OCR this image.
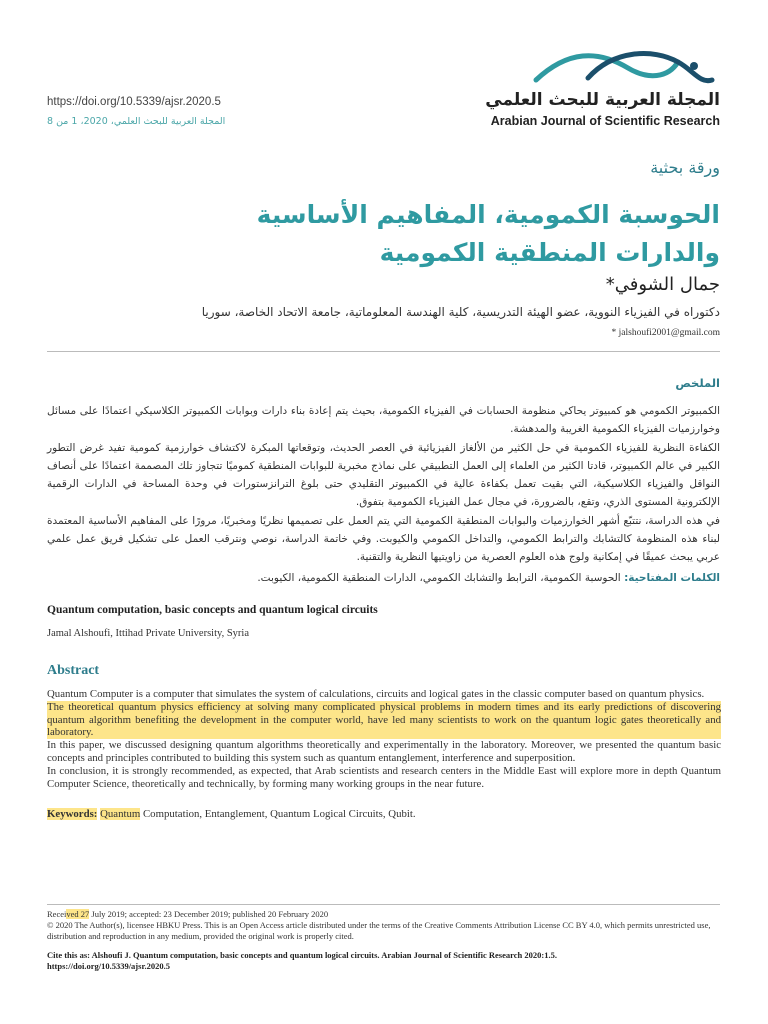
https://doi.org/10.5339/ajsr.2020.5
المجلة العربية للبحث العلمي، 2020، 1 من 8
المجلة العربية للبحث العلمي
Arabian Journal of Scientific Research
ورقة بحثية
الحوسبة الكمومية، المفاهيم الأساسية والدارات المنطقية الكمومية
جمال الشوفي*
دكتوراه في الفيزياء النووية، عضو الهيئة التدريسية، كلية الهندسة المعلوماتية، جامعة الاتحاد الخاصة، سوريا
* jalshoufi2001@gmail.com
الملخص

الكمبيوتر الكمومي هو كمبيوتر يحاكي منظومة الحسابات في الفيزياء الكمومية، بحيث يتم إعادة بناء دارات وبوابات الكمبيوتر الكلاسيكي اعتمادًا على مسائل وخوارزميات الفيزياء الكمومية الغريبة والمدهشة.

الكفاءة النظرية للفيزياء الكمومية في حل الكثير من الألغاز الفيزيائية في العصر الحديث، وتوقعاتها المبكرة لاكتشاف خوارزمية كمومية تفيد غرض التطور الكبير في عالم الكمبيوتر، قادتا الكثير من العلماء إلى العمل التطبيقي على نماذج مخبرية للبوابات المنطقية كموميًا تتجاوز تلك المصممة اعتمادًا على أنصاف النواقل والفيزياء الكلاسيكية، التي بقيت تعمل بكفاءة عالية في الكمبيوتر التقليدي حتى بلوغ الترانزستورات في وحدة المساحة في الدارات الرقمية الإلكترونية المستوى الذري، وتقع، بالضرورة، في مجال عمل الفيزياء الكمومية بتفوق.

في هذه الدراسة، نتتبّع أشهر الخوارزميات والبوابات المنطقية الكمومية التي يتم العمل على تصميمها نظريًا ومخبريًا، مرورًا على المفاهيم الأساسية المعتمدة لبناء هذه المنظومة كالتشابك والترابط الكمومي، والتداخل الكمومي والكيوبت. وفي خاتمة الدراسة، نوصي ونترقب العمل على تشكيل فريق عمل علمي عربي يبحث عميقًا في إمكانية ولوج هذه العلوم العصرية من زاويتيها النظرية والتقنية.

الكلمات المفتاحية: الحوسبة الكمومية، الترابط والتشابك الكمومي، الدارات المنطقية الكمومية، الكيوبت.
Quantum computation, basic concepts and quantum logical circuits
Jamal Alshoufi, Ittihad Private University, Syria
Abstract

Quantum Computer is a computer that simulates the system of calculations, circuits and logical gates in the classic computer based on quantum physics.

The theoretical quantum physics efficiency at solving many complicated physical problems in modern times and its early predictions of discovering quantum algorithm benefiting the development in the computer world, have led many scientists to work on the quantum logic gates theoretically and laboratory.

In this paper, we discussed designing quantum algorithms theoretically and experimentally in the laboratory. Moreover, we presented the quantum basic concepts and principles contributed to building this system such as quantum entanglement, interference and superposition.

In conclusion, it is strongly recommended, as expected, that Arab scientists and research centers in the Middle East will explore more in depth Quantum Computer Science, theoretically and technically, by forming many working groups in the near future.

Keywords: Quantum Computation, Entanglement, Quantum Logical Circuits, Qubit.

Received 27 July 2019; accepted: 23 December 2019; published 20 February 2020

© 2020 The Author(s), licensee HBKU Press. This is an Open Access article distributed under the terms of the Creative Comments Attribution License CC BY 4.0, which permits unrestricted use, distribution and reproduction in any medium, provided the original work is properly cited.

Cite this as: Alshoufi J. Quantum computation, basic concepts and quantum logical circuits. Arabian Journal of Scientific Research 2020:1.5.

https://doi.org/10.5339/ajsr.2020.5
